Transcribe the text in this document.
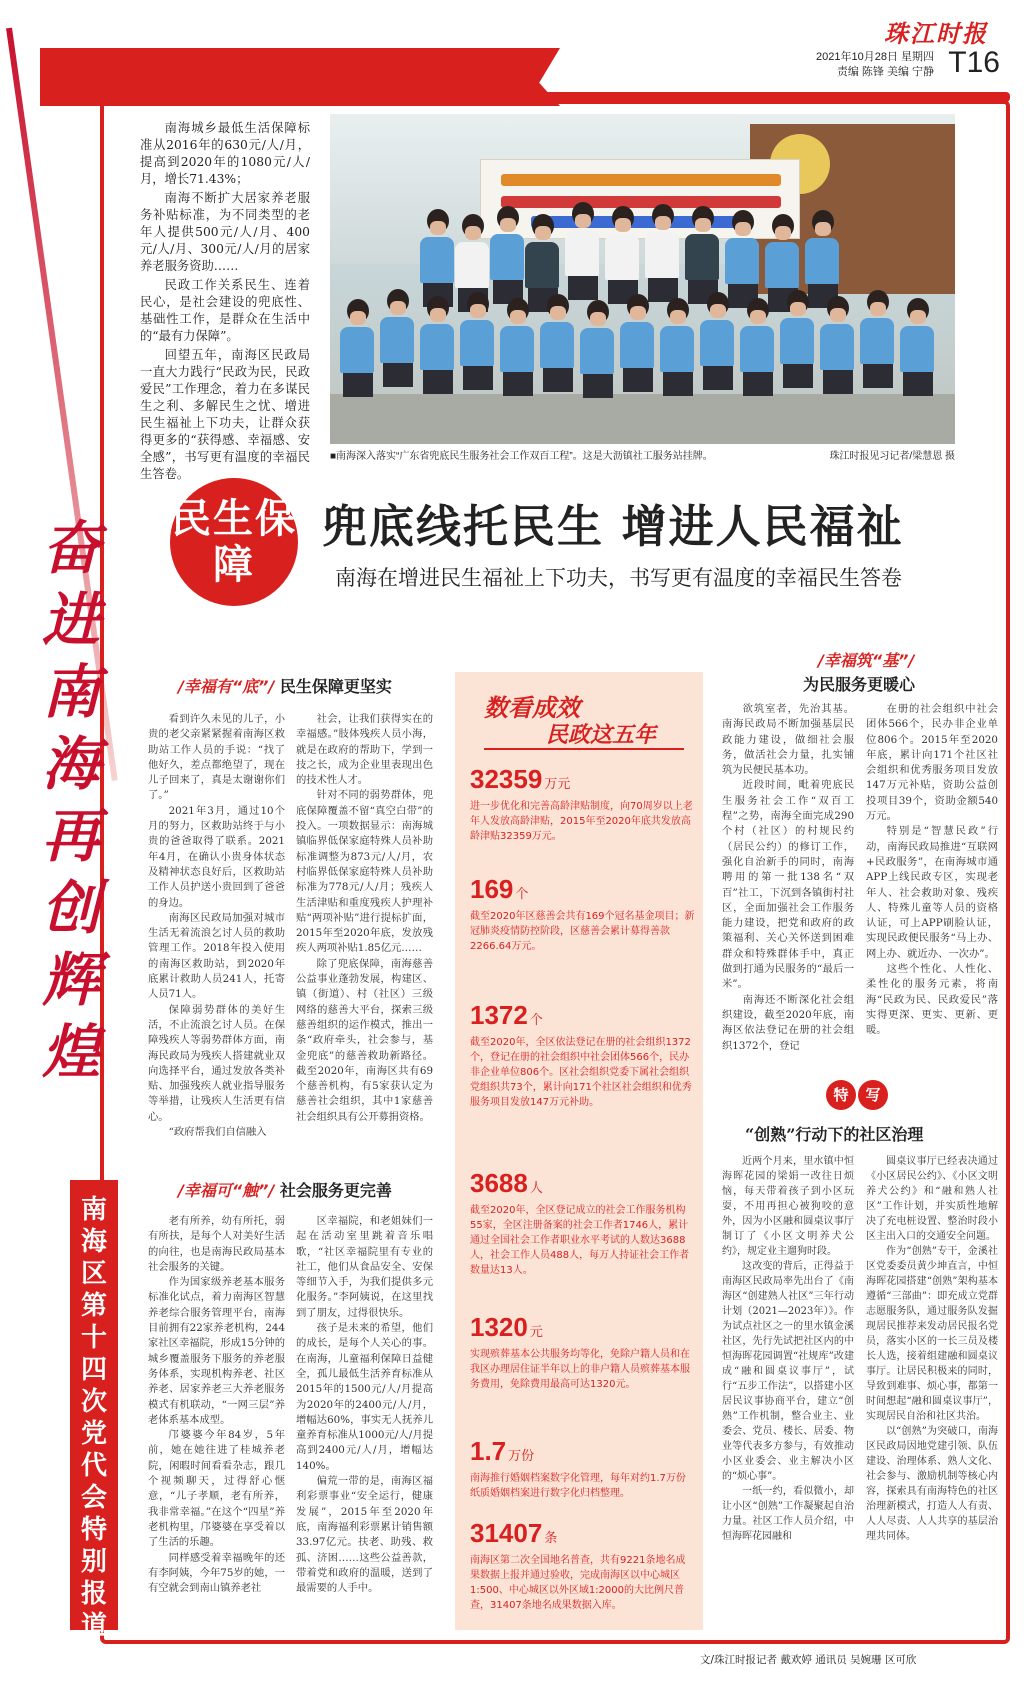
珠江时报
2021年10月28日 星期四
责编 陈锋 美编 宁静 T16
奋进南海 再创辉煌
南海区第十四次党代会特别报道

南海城乡最低生活保障标准从2016年的630元/人/月，提高到2020年的1080元/人/月，增长71.43%；

南海不断扩大居家养老服务补贴标准，为不同类型的老年人提供500元/人/月、400元/人/月、300元/人/月的居家养老服务资助……

民政工作关系民生、连着民心，是社会建设的兜底性、基础性工作，是群众在生活中的“最有力保障”。

回望五年，南海区民政局一直大力践行“民政为民，民政爱民”工作理念，着力在多谋民生之利、多解民生之忧、增进民生福祉上下功夫，让群众获得更多的“获得感、幸福感、安全感”，书写更有温度的幸福民生答卷。

■南海深入落实“广东省兜底民生服务社会工作双百工程”。这是大沥镇社工服务站挂牌。	珠江时报见习记者/梁慧恩 摄
民生保障
兜底线托民生 增进人民福祉
南海在增进民生福祉上下功夫，书写更有温度的幸福民生答卷
/幸福有“底”/ 民生保障更坚实

看到许久未见的儿子，小贵的老父亲紧紧握着南海区救助站工作人员的手说：“找了他好久，差点都绝望了，现在儿子回来了，真是太谢谢你们了。”

2021年3月，通过10个月的努力，区救助站终于与小贵的爸爸取得了联系。2021年4月，在确认小贵身体状态及精神状态良好后，区救助站工作人员护送小贵回到了爸爸的身边。

南海区民政局加强对城市生活无着流浪乞讨人员的救助管理工作。2018年投入使用的南海区救助站，到2020年底累计救助人员241人，托寄人员71人。

保障弱势群体的美好生活，不止流浪乞讨人员。在保障残疾人等弱势群体方面，南海民政局为残疾人搭建就业双向选择平台，通过发放各类补贴、加强残疾人就业指导服务等举措，让残疾人生活更有信心。

“政府帮我们自信融入

社会，让我们获得实在的幸福感。”肢体残疾人员小海，就是在政府的帮助下，学到一技之长，成为企业里表现出色的技术性人才。

针对不同的弱势群体，兜底保障覆盖不留“真空白带”的投入。一项数据显示：南海城镇临界低保家庭特殊人员补助标准调整为873元/人/月，农村临界低保家庭特殊人员补助标准为778元/人/月；残疾人生活津贴和重度残疾人护理补贴“两项补贴”进行提标扩面，2015年至2020年底，发放残疾人两项补贴1.85亿元……

除了兜底保障，南海慈善公益事业蓬勃发展，构建区、镇（街道）、村（社区）三级网络的慈善大平台，探索三级慈善组织的运作模式，推出一条“政府牵头，社会参与，基金兜底”的慈善救助新路径。截至2020年，南海区共有69个慈善机构，有5家获认定为慈善社会组织，其中1家慈善社会组织具有公开募捐资格。

/幸福可“触”/ 社会服务更完善

老有所养，幼有所托，弱有所扶，是每个人对美好生活的向往，也是南海民政局基本社会服务的关键。

作为国家级养老基本服务标准化试点，着力南海区智慧养老综合服务管理平台，南海目前拥有22家养老机构，244家社区幸福院，形成15分钟的城乡覆盖服务下服务的养老服务体系，实现机构养老、社区养老、居家养老三大养老服务模式有机联动，“一网三层”养老体系基本成型。

邝婆婆今年84岁，5年前，她在她往进了桂城养老院，闲暇时间看看杂志，跟几个视频聊天，过得舒心惬意，“儿子孝顺，老有所养，我非常幸福。”在这个“四星”养老机构里，邝婆婆在享受着以了生活的乐趣。

同样感受着幸福晚年的还有李阿姨，今年75岁的她，一有空就会到南山镇养老社

区幸福院，和老姐妹们一起在活动室里跳着音乐唱歌，“社区幸福院里有专业的社工，他们从食品安全、安保等细节入手，为我们提供多元化服务。”李阿姨说，在这里找到了朋友，过得很快乐。

孩子是未来的希望，他们的成长，是每个人关心的事。在南海，儿童福利保障日益健全，孤儿最低生活养育标准从2015年的1500元/人/月提高为2020年的2400元/人/月，增幅达60%，事实无人抚养儿童养育标准从1000元/人/月提高到2400元/人/月，增幅达140%。

偏荒一带的是，南海区福利彩票事业“安全运行，健康发展”，2015年至2020年底，南海福利彩票累计销售额33.97亿元。扶老、助残、救孤、济困……这些公益善款，带着党和政府的温暖，送到了最需要的人手中。

数看成效
民政这五年
32359 万元
进一步优化和完善高龄津贴制度，向70周岁以上老年人发放高龄津贴，2015年至2020年底共发放高龄津贴32359万元。
169 个
截至2020年区慈善会共有169个冠名基金项目；新冠肺炎疫情防控阶段，区慈善会累计募得善款2266.64万元。
1372 个
截至2020年，全区依法登记在册的社会组织1372个，登记在册的社会组织中社会团体566个，民办非企业单位806个。区社会组织党委下属社会组织党组织共73个，累计向171个社区社会组织和优秀服务项目发放147万元补助。
3688 人
截至2020年，全区登记成立的社会工作服务机构55家，全区注册备案的社会工作者1746人，累计通过全国社会工作者职业水平考试的人数达3688人，社会工作人员488人，每万人持证社会工作者数量达13人。
1320 元
实现殡葬基本公共服务均等化，免除户籍人员和在我区办理居住证半年以上的非户籍人员殡葬基本服务费用，免除费用最高可达1320元。
1.7 万份
南海推行婚姻档案数字化管理，每年对约1.7万份纸质婚姻档案进行数字化归档整理。
31407 条
南海区第二次全国地名普查，共有9221条地名成果数据上报并通过验收，完成南海区以中心城区1:500、中心城区以外区域1:2000的大比例尺普查，31407条地名成果数据入库。
/幸福筑“基”/
为民服务更暖心

欲筑室者，先治其基。南海民政局不断加强基层民政能力建设，做细社会服务，做活社会力量，扎实铺筑为民便民基本功。

近段时间，毗着兜底民生服务社会工作“双百工程”之势，南海全面完成290个村（社区）的村规民约（居民公约）的修订工作，强化自治新手的同时，南海聘用的第一批138名“双百”社工，下沉到各镇街村社区，全面加强社会工作服务能力建设，把党和政府的政策福利、关心关怀送到困难群众和特殊群体手中，真正做到打通为民服务的“最后一米”。

南海还不断深化社会组织建设，截至2020年底，南海区依法登记在册的社会组织1372个，登记

在册的社会组织中社会团体566个，民办非企业单位806个。2015年至2020年底，累计向171个社区社会组织和优秀服务项目发放147万元补贴，资助公益创投项目39个，资助金额540万元。

特别是“智慧民政”行动，南海民政局推进“互联网+民政服务”，在南海城市通APP上线民政专区，实现老年人、社会救助对象、残疾人、特殊儿童等人员的资格认证，可上APP刷脸认证，实现民政便民服务“马上办、网上办、就近办、一次办”。

这些个性化、人性化、柔性化的服务元素，将南海“民政为民、民政爱民”落实得更深、更实、更新、更暖。

特	写
“创熟”行动下的社区治理

近两个月来，里水镇中恒海晖花园的梁娟一改往日烦恼，每天带着孩子到小区玩耍，不用再担心被狗咬的意外，因为小区融和圆桌议事厅制订了《小区文明养犬公约》，规定业主遛狗时段。

这改变的背后，正得益于南海区民政局率先出台了《南海区“创建熟人社区”三年行动计划（2021—2023年）》。作为试点社区之一的里水镇金溪社区，先行先试把社区内的中恒海晖花园调置“社规库”改建成“融和圆桌议事厅”，试行“五步工作法”，以搭建小区居民议事协商平台，建立“创熟”工作机制，整合业主、业委会、党员、楼长、居委、物业等代表多方参与，有效推动小区业委会、业主解决小区的“烦心事”。

一纸一约，看似微小，却让小区“创熟”工作凝聚起自治力量。社区工作人员介绍，中恒海晖花园融和

圆桌议事厅已经表决通过《小区居民公约》、《小区文明养犬公约》和“融和熟人社区”工作计划，并实质性地解决了充电桩设置、整治时段小区主出入口的交通安全问题。

作为“创熟”专干，金溪社区党委委员黄少坤直言，中恒海晖花园搭建“创熟”架构基本遵循“三部曲”：即充成立党群志愿服务队，通过服务队发掘现居民推荐来发动居民报名党员，落实小区的一长三员及楼长人选，接着组建融和圆桌议事厅。让居民积极来的同时，导致到难事、烦心事，都第一时间想起“融和圆桌议事厅”，实现居民自治和社区共治。

以“创熟”为突破口，南海区民政局因地党建引领、队伍建设、治理体系、熟人文化、社会参与、激励机制等核心内容，探索具有南海特色的社区治理新模式，打造人人有责、人人尽责、人人共享的基层治理共同体。

文/珠江时报记者 戴欢婷 通讯员 吴婉珊 区可欣
